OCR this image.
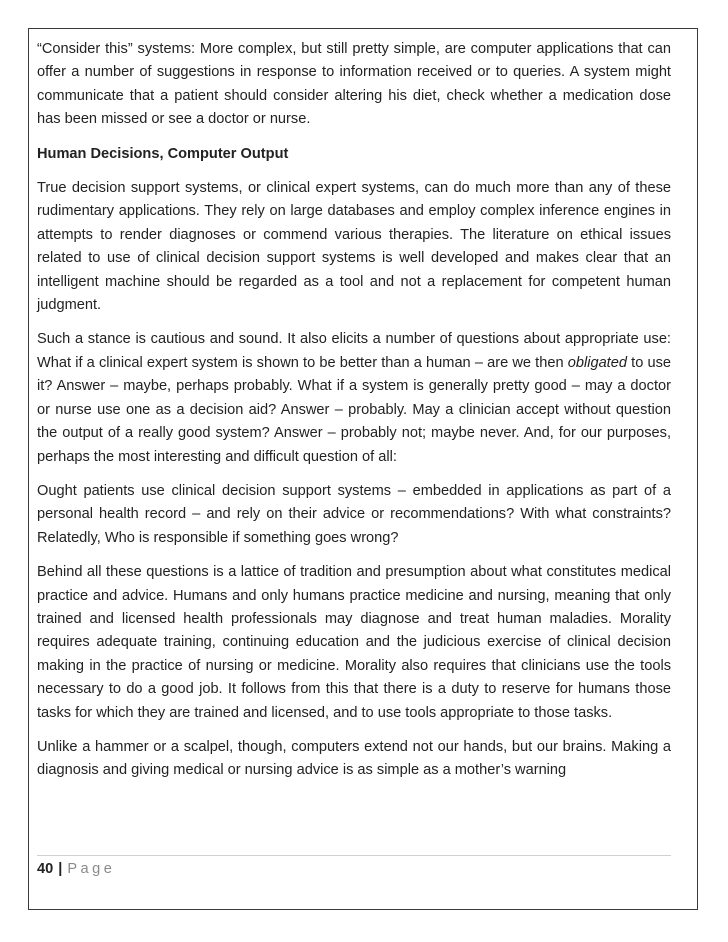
“Consider this” systems: More complex, but still pretty simple, are computer applications that can offer a number of suggestions in response to information received or to queries. A system might communicate that a patient should consider altering his diet, check whether a medication dose has been missed or see a doctor or nurse.

Human Decisions, Computer Output

True decision support systems, or clinical expert systems, can do much more than any of these rudimentary applications. They rely on large databases and employ complex inference engines in attempts to render diagnoses or commend various therapies. The literature on ethical issues related to use of clinical decision support systems is well developed and makes clear that an intelligent machine should be regarded as a tool and not a replacement for competent human judgment.

Such a stance is cautious and sound. It also elicits a number of questions about appropriate use: What if a clinical expert system is shown to be better than a human – are we then obligated to use it? Answer – maybe, perhaps probably. What if a system is generally pretty good – may a doctor or nurse use one as a decision aid? Answer – probably. May a clinician accept without question the output of a really good system? Answer – probably not; maybe never. And, for our purposes, perhaps the most interesting and difficult question of all:

Ought patients use clinical decision support systems – embedded in applications as part of a personal health record – and rely on their advice or recommendations? With what constraints? Relatedly, Who is responsible if something goes wrong?

Behind all these questions is a lattice of tradition and presumption about what constitutes medical practice and advice. Humans and only humans practice medicine and nursing, meaning that only trained and licensed health professionals may diagnose and treat human maladies. Morality requires adequate training, continuing education and the judicious exercise of clinical decision making in the practice of nursing or medicine. Morality also requires that clinicians use the tools necessary to do a good job. It follows from this that there is a duty to reserve for humans those tasks for which they are trained and licensed, and to use tools appropriate to those tasks.

Unlike a hammer or a scalpel, though, computers extend not our hands, but our brains. Making a diagnosis and giving medical or nursing advice is as simple as a mother’s warning

40 | Page
